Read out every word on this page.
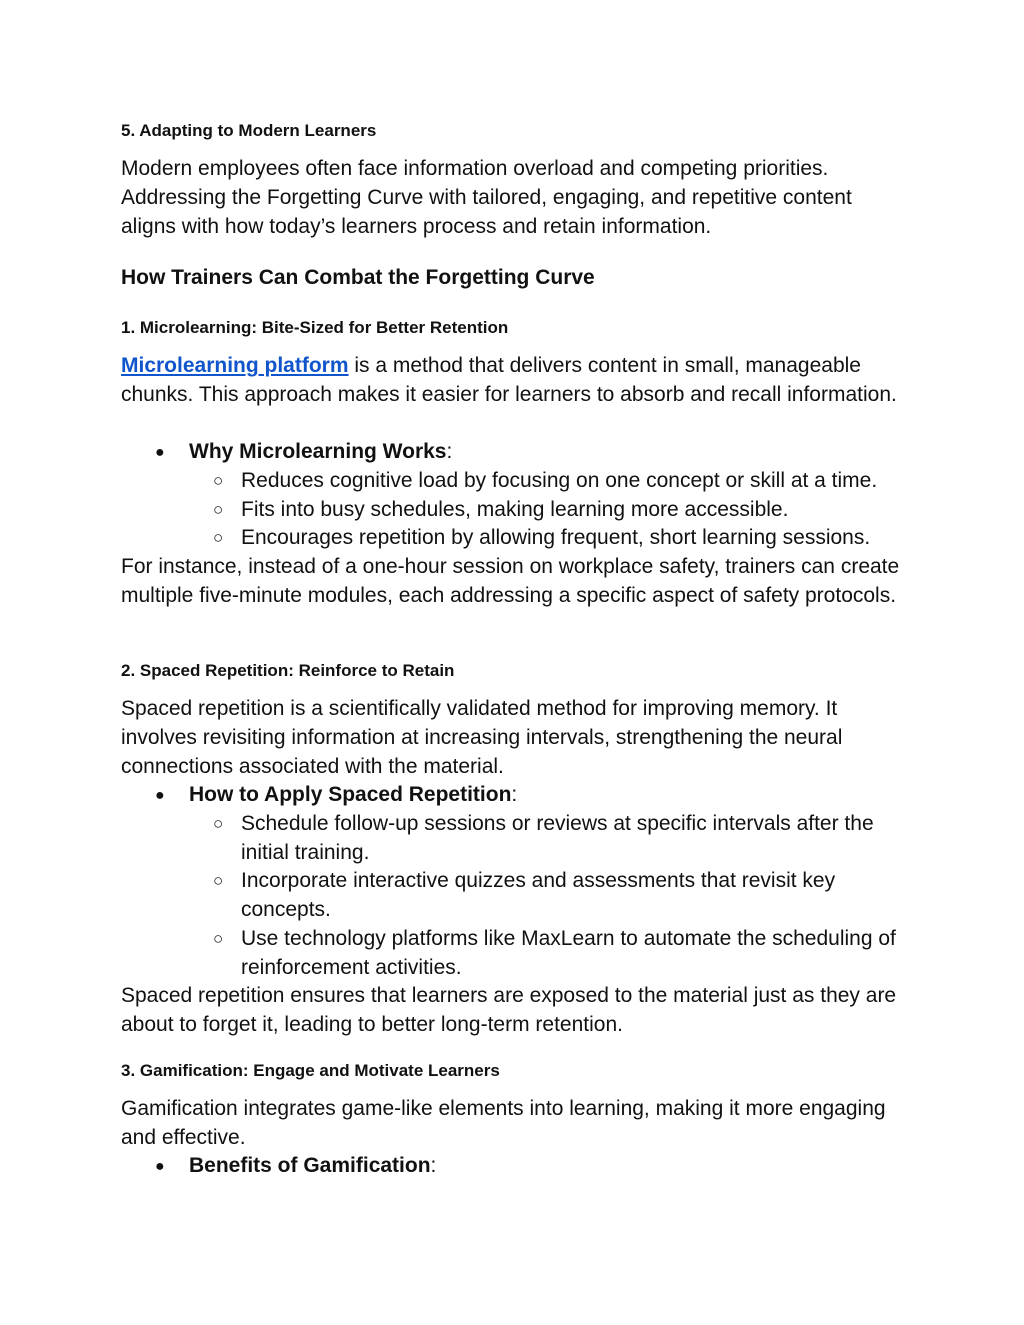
5. Adapting to Modern Learners
Modern employees often face information overload and competing priorities. Addressing the Forgetting Curve with tailored, engaging, and repetitive content aligns with how today’s learners process and retain information.
How Trainers Can Combat the Forgetting Curve
1. Microlearning: Bite-Sized for Better Retention
Microlearning platform is a method that delivers content in small, manageable chunks. This approach makes it easier for learners to absorb and recall information.
● Why Microlearning Works:
○ Reduces cognitive load by focusing on one concept or skill at a time.
○ Fits into busy schedules, making learning more accessible.
○ Encourages repetition by allowing frequent, short learning sessions.
For instance, instead of a one-hour session on workplace safety, trainers can create multiple five-minute modules, each addressing a specific aspect of safety protocols.
2. Spaced Repetition: Reinforce to Retain
Spaced repetition is a scientifically validated method for improving memory. It involves revisiting information at increasing intervals, strengthening the neural connections associated with the material.
● How to Apply Spaced Repetition:
○ Schedule follow-up sessions or reviews at specific intervals after the initial training.
○ Incorporate interactive quizzes and assessments that revisit key concepts.
○ Use technology platforms like MaxLearn to automate the scheduling of reinforcement activities.
Spaced repetition ensures that learners are exposed to the material just as they are about to forget it, leading to better long-term retention.
3. Gamification: Engage and Motivate Learners
Gamification integrates game-like elements into learning, making it more engaging and effective.
● Benefits of Gamification:
